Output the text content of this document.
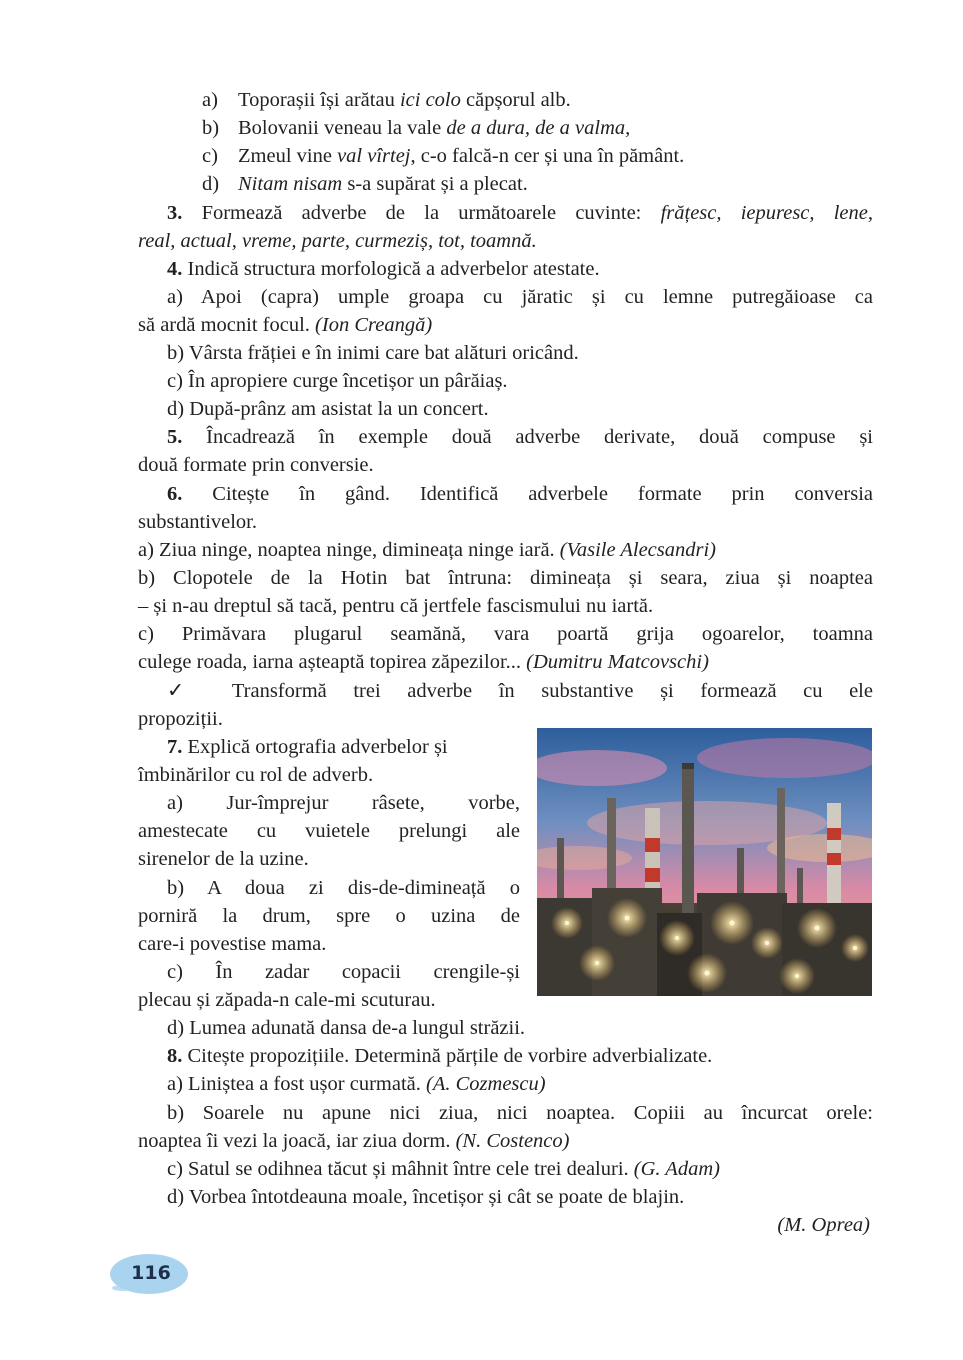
a) Toporașii își arătau ici colo căpșorul alb.
b) Bolovanii veneau la vale de a dura, de a valma,
c) Zmeul vine val vîrtej, c-o falcă-n cer și una în pământ.
d) Nitam nisam s-a supărat și a plecat.
3. Formează adverbe de la următoarele cuvinte: frățesc, iepuresc, lene,
real, actual, vreme, parte, curmeziș, tot, toamnă.
4. Indică structura morfologică a adverbelor atestate.
a) Apoi (capra) umple groapa cu jăratic și cu lemne putregăioase ca
să ardă mocnit focul. (Ion Creangă)
b) Vârsta frăției e în inimi care bat alături oricând.
c) În apropiere curge încetișor un pârăiaș.
d) După-prânz am asistat la un concert.
5. Încadrează în exemple două adverbe derivate, două compuse și
două formate prin conversie.
6. Citește în gând. Identifică adverbele formate prin conversia
substantivelor.
a) Ziua ninge, noaptea ninge, dimineața ninge iară. (Vasile Alecsandri)
b) Clopotele de la Hotin bat întruna: dimineața și seara, ziua și noaptea
– și n-au dreptul să tacă, pentru că jertfele fascismului nu iartă.
c) Primăvara plugarul seamănă, vara poartă grija ogoarelor, toamna
culege roada, iarna așteaptă topirea zăpezilor... (Dumitru Matcovschi)
✓ Transformă trei adverbe în substantive și formează cu ele
propoziții.
7. Explică ortografia adverbelor și
îmbinărilor cu rol de adverb.
a) Jur-împrejur râsete, vorbe,
amestecate cu vuietele prelungi ale
sirenelor de la uzine.
b) A doua zi dis-de-dimineață o
porniră la drum, spre o uzina de
care-i povestise mama.
c) În zadar copacii crengile-și
plecau și zăpada-n cale-mi scuturau.
d) Lumea adunată dansa de-a lungul străzii.
8. Citește propozițiile. Determină părțile de vorbire adverbializate.
a) Liniștea a fost ușor curmată. (A. Cozmescu)
b) Soarele nu apune nici ziua, nici noaptea. Copiii au încurcat orele:
noaptea îi vezi la joacă, iar ziua dorm. (N. Costenco)
c) Satul se odihnea tăcut și mâhnit între cele trei dealuri. (G. Adam)
d) Vorbea întotdeauna moale, încetișor și cât se poate de blajin.
(M. Oprea)
116
